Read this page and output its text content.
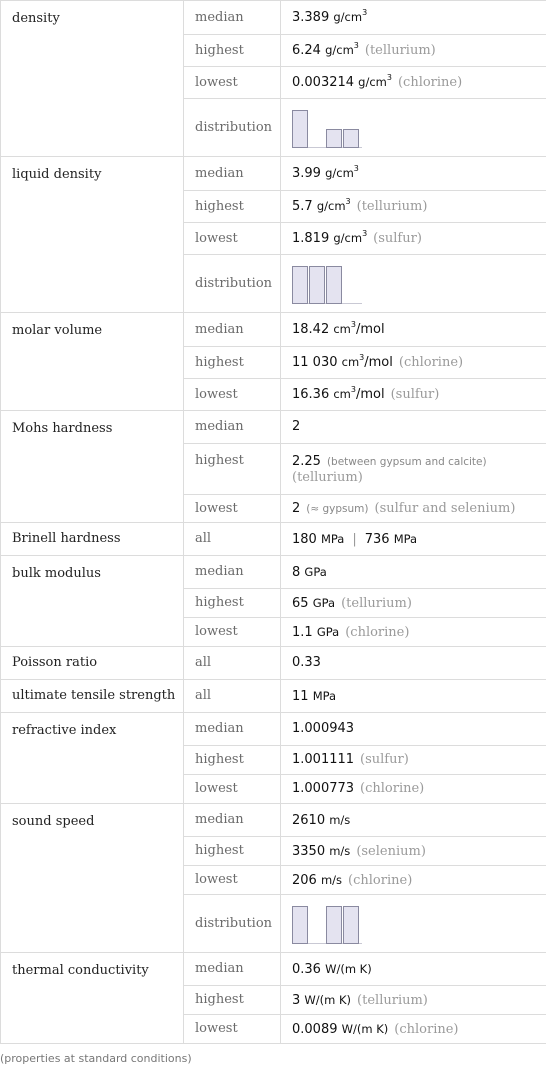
density	median	3.389 $g/cm^3$
	highest	6.24 $g/cm^3$ (tellurium)
	lowest	0.003214 $g/cm^3$ (chlorine)
	distribution	

liquid density	median	3.99 $g/cm^3$
	highest	5.7 $g/cm^3$ (tellurium)
	lowest	1.819 $g/cm^3$ (sulfur)
	distribution	

molar volume	median	18.42 $cm^3$/mol
	highest	11 030 $cm^3$/mol (chlorine)
	lowest	16.36 $cm^3$/mol (sulfur)
Mohs hardness	median	2
	highest	2.25 (between gypsum and calcite)
(tellurium)
	lowest	2 (≈ gypsum) (sulfur and selenium)
Brinell hardness	all	180 MPa | 736 MPa
bulk modulus	median	8 GPa
	highest	65 GPa (tellurium)
	lowest	1.1 GPa (chlorine)
Poisson ratio	all	0.33
ultimate tensile strength	all	11 MPa
refractive index	median	1.000943
	highest	1.001111 (sulfur)
	lowest	1.000773 (chlorine)
sound speed	median	2610 m/s
	highest	3350 m/s (selenium)
	lowest	206 m/s (chlorine)
	distribution	

thermal conductivity	median	0.36 W/(m K)
	highest	3 W/(m K) (tellurium)
	lowest	0.0089 W/(m K) (chlorine)
(properties at standard conditions)
